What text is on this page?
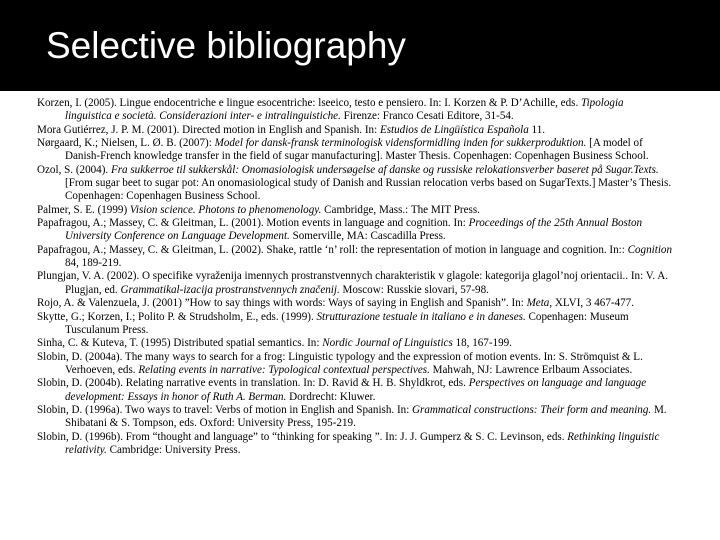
Selective bibliography

Korzen, I. (2005). Lingue endocentriche e lingue esocentriche: lseeico, testo e pensiero. In: I. Korzen & P. D’Achille, eds. Tipologia linguistica e società. Considerazioni inter- e intralinguistiche. Firenze: Franco Cesati Editore, 31-54.

Mora Gutiérrez, J. P. M. (2001). Directed motion in English and Spanish. In: Estudios de Lingüística Española 11.

Nørgaard, K.; Nielsen, L. Ø. B. (2007): Model for dansk-fransk terminologisk vidensformidling inden for sukkerproduktion. [A model of Danish-French knowledge transfer in the field of sugar manufacturing]. Master Thesis. Copenhagen: Copenhagen Business School.

Ozol, S. (2004). Fra sukkerroe til sukkerskål: Onomasiologisk undersøgelse af danske og russiske relokationsverber baseret på Sugar.Texts. [From sugar beet to sugar pot: An onomasiological study of Danish and Russian relocation verbs based on SugarTexts.] Master’s Thesis. Copenhagen: Copenhagen Business School.

Palmer, S. E. (1999) Vision science. Photons to phenomenology. Cambridge, Mass.: The MIT Press.

Papafragou, A.; Massey, C. & Gleitman, L. (2001). Motion events in language and cognition. In: Proceedings of the 25th Annual Boston University Conference on Language Development. Somerville, MA: Cascadilla Press.

Papafragou, A.; Massey, C. & Gleitman, L. (2002). Shake, rattle ‘n’ roll: the representation of motion in language and cognition. In:: Cognition 84, 189-219.

Plungjan, V. A. (2002). O specifike vyraženija imennych prostranstvennych charakteristik v glagole: kategorija glagol’noj orientacii.. In: V. A. Plugjan, ed. Grammatikal-izacija prostranstvennych značenij. Moscow: Russkie slovari, 57-98.

Rojo, A. & Valenzuela, J. (2001) ”How to say things with words: Ways of saying in English and Spanish”. In: Meta, XLVI, 3 467-477.

Skytte, G.; Korzen, I.; Polito P. & Strudsholm, E., eds. (1999). Strutturazione testuale in italiano e in daneses. Copenhagen: Museum Tusculanum Press.

Sinha, C. & Kuteva, T. (1995) Distributed spatial semantics. In: Nordic Journal of Linguistics 18, 167-199.

Slobin, D. (2004a). The many ways to search for a frog: Linguistic typology and the expression of motion events. In: S. Strömquist & L. Verhoeven, eds. Relating events in narrative: Typological contextual perspectives. Mahwah, NJ: Lawrence Erlbaum Associates.

Slobin, D. (2004b). Relating narrative events in translation. In: D. Ravid & H. B. Shyldkrot, eds. Perspectives on language and language development: Essays in honor of Ruth A. Berman. Dordrecht: Kluwer.

Slobin, D. (1996a). Two ways to travel: Verbs of motion in English and Spanish. In: Grammatical constructions: Their form and meaning. M. Shibatani & S. Tompson, eds. Oxford: University Press, 195-219.

Slobin, D. (1996b). From “thought and language” to “thinking for speaking ”. In: J. J. Gumperz & S. C. Levinson, eds. Rethinking linguistic relativity. Cambridge: University Press.
